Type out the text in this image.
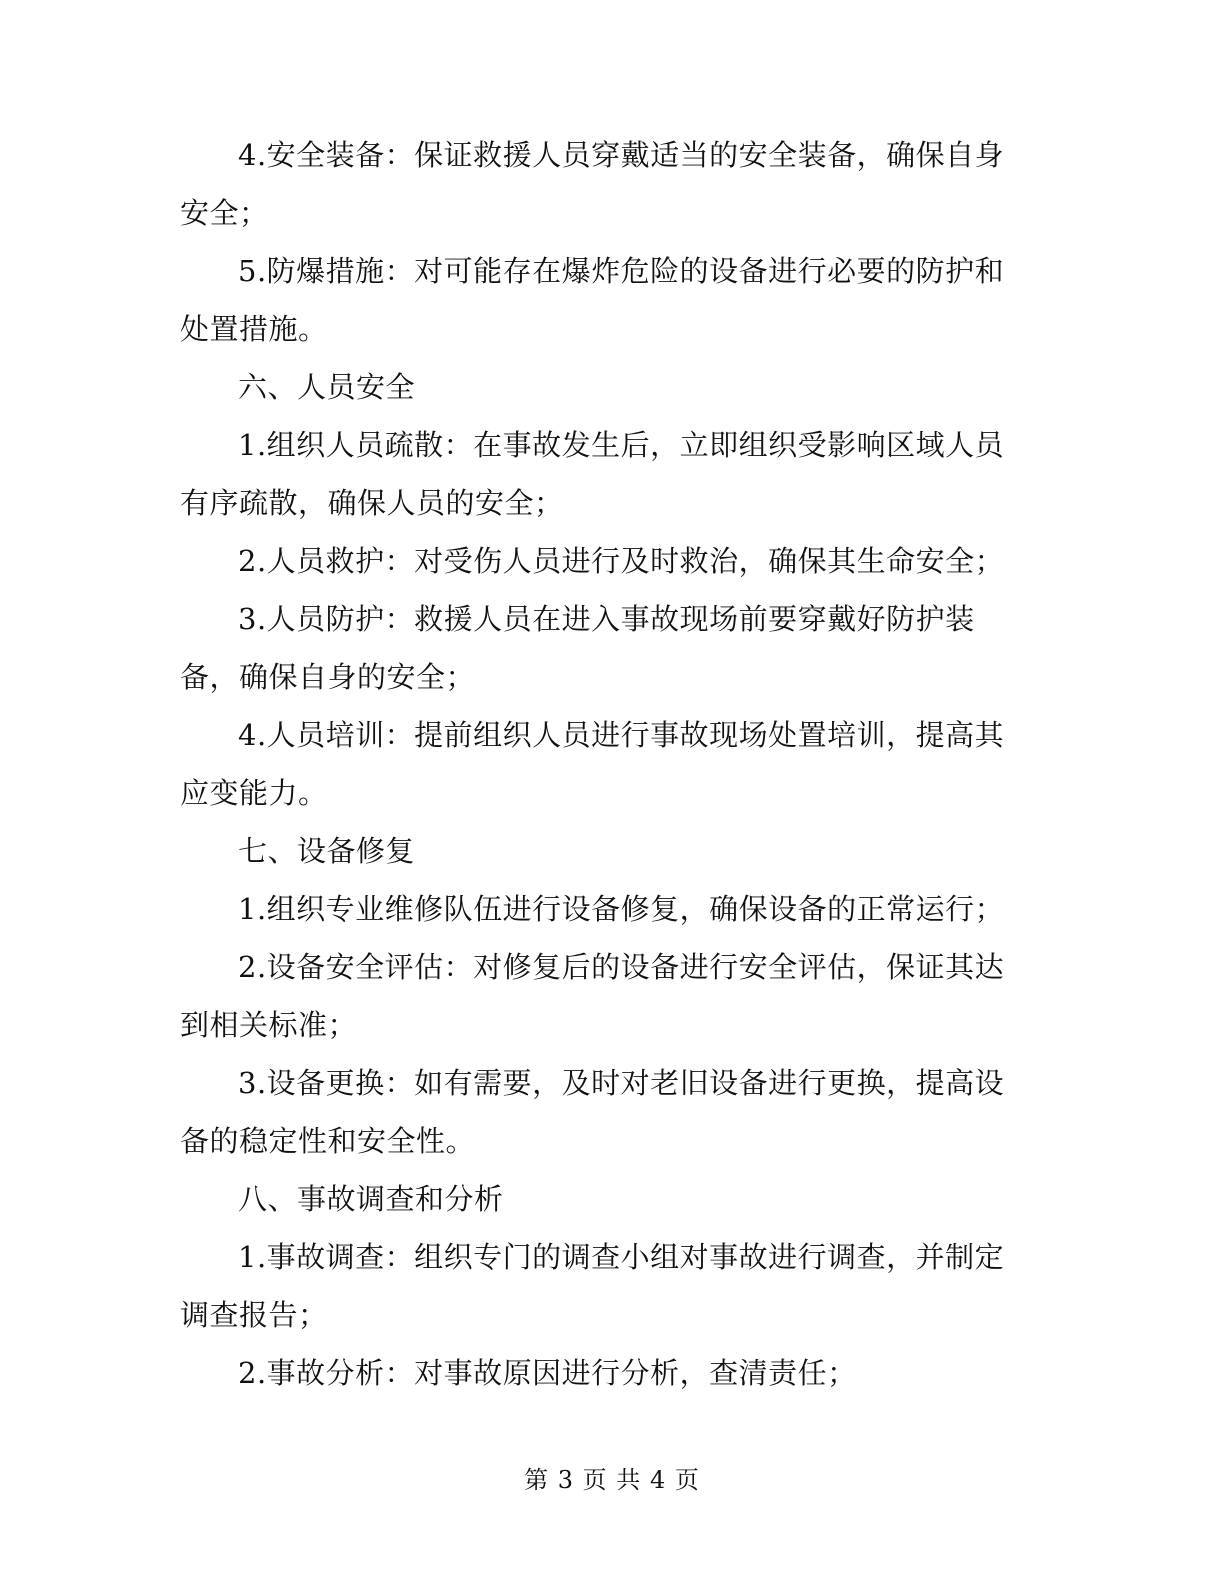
4.安全装备：保证救援人员穿戴适当的安全装备，确保自身安全；

5.防爆措施：对可能存在爆炸危险的设备进行必要的防护和处置措施。

六、人员安全

1.组织人员疏散：在事故发生后，立即组织受影响区域人员有序疏散，确保人员的安全；

2.人员救护：对受伤人员进行及时救治，确保其生命安全；

3.人员防护：救援人员在进入事故现场前要穿戴好防护装备，确保自身的安全；

4.人员培训：提前组织人员进行事故现场处置培训，提高其应变能力。

七、设备修复

1.组织专业维修队伍进行设备修复，确保设备的正常运行；

2.设备安全评估：对修复后的设备进行安全评估，保证其达到相关标准；

3.设备更换：如有需要，及时对老旧设备进行更换，提高设备的稳定性和安全性。

八、事故调查和分析

1.事故调查：组织专门的调查小组对事故进行调查，并制定调查报告；

2.事故分析：对事故原因进行分析，查清责任；

第 3 页 共 4 页
